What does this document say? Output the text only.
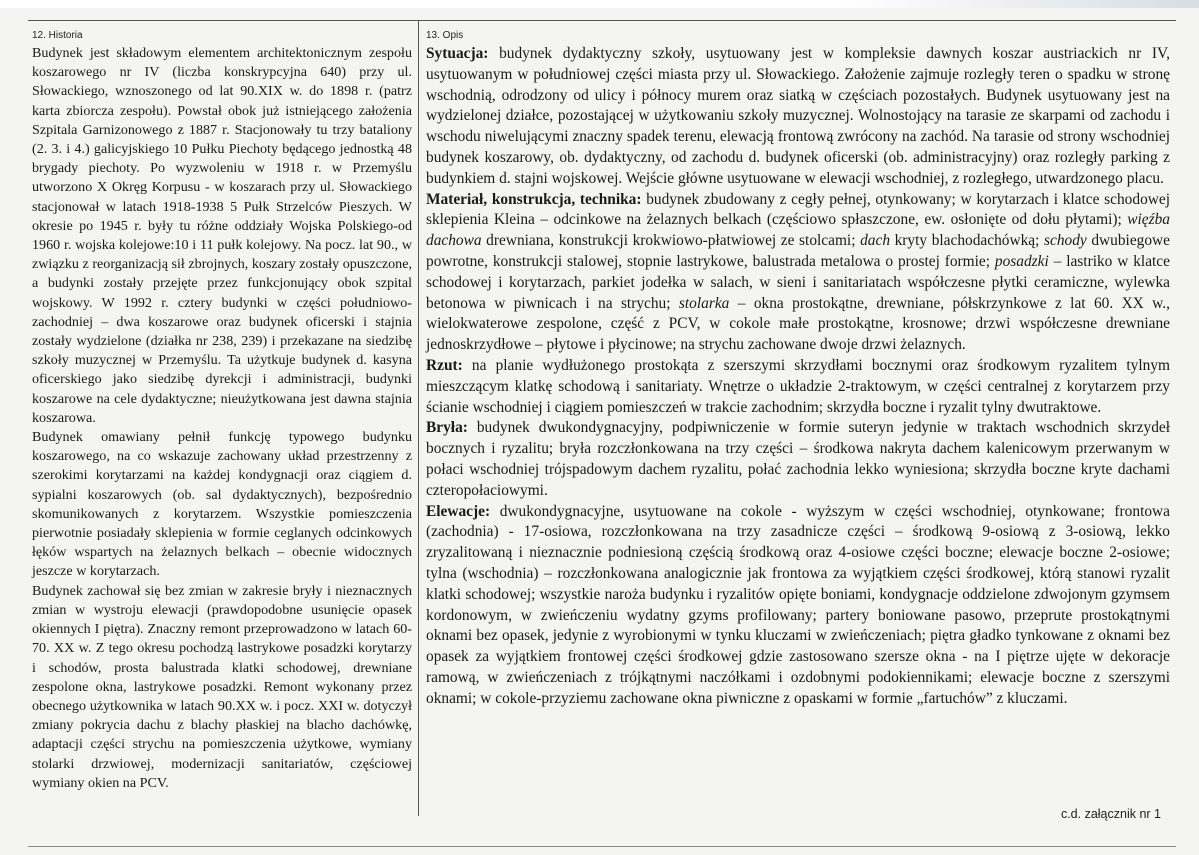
12. Historia

Budynek jest składowym elementem architektonicznym zespołu koszarowego nr IV (liczba konskrypcyjna 640) przy ul. Słowackiego, wznoszonego od lat 90.XIX w. do 1898 r. (patrz karta zbiorcza zespołu). Powstał obok już istniejącego założenia Szpitala Garnizonowego z 1887 r. Stacjonowały tu trzy bataliony (2. 3. i 4.) galicyjskiego 10 Pułku Piechoty będącego jednostką 48 brygady piechoty. Po wyzwoleniu w 1918 r. w Przemyślu utworzono X Okręg Korpusu - w koszarach przy ul. Słowackiego stacjonował w latach 1918-1938 5 Pułk Strzelców Pieszych. W okresie po 1945 r. były tu różne oddziały Wojska Polskiego-od 1960 r. wojska kolejowe:10 i 11 pułk kolejowy. Na pocz. lat 90., w związku z reorganizacją sił zbrojnych, koszary zostały opuszczone, a budynki zostały przejęte przez funkcjonujący obok szpital wojskowy. W 1992 r. cztery budynki w części południowo-zachodniej – dwa koszarowe oraz budynek oficerski i stajnia zostały wydzielone (działka nr 238, 239) i przekazane na siedzibę szkoły muzycznej w Przemyślu. Ta użytkuje budynek d. kasyna oficerskiego jako siedzibę dyrekcji i administracji, budynki koszarowe na cele dydaktyczne; nieużytkowana jest dawna stajnia koszarowa.

Budynek omawiany pełnił funkcję typowego budynku koszarowego, na co wskazuje zachowany układ przestrzenny z szerokimi korytarzami na każdej kondygnacji oraz ciągiem d. sypialni koszarowych (ob. sal dydaktycznych), bezpośrednio skomunikowanych z korytarzem. Wszystkie pomieszczenia pierwotnie posiadały sklepienia w formie ceglanych odcinkowych łęków wspartych na żelaznych belkach – obecnie widocznych jeszcze w korytarzach.

Budynek zachował się bez zmian w zakresie bryły i nieznacznych zmian w wystroju elewacji (prawdopodobne usunięcie opasek okiennych I piętra). Znaczny remont przeprowadzono w latach 60-70. XX w. Z tego okresu pochodzą lastrykowe posadzki korytarzy i schodów, prosta balustrada klatki schodowej, drewniane zespolone okna, lastrykowe posadzki. Remont wykonany przez obecnego użytkownika w latach 90.XX w. i pocz. XXI w. dotyczył zmiany pokrycia dachu z blachy płaskiej na blacho dachówkę, adaptacji części strychu na pomieszczenia użytkowe, wymiany stolarki drzwiowej, modernizacji sanitariatów, częściowej wymiany okien na PCV.

13. Opis

Sytuacja: budynek dydaktyczny szkoły, usytuowany jest w kompleksie dawnych koszar austriackich nr IV, usytuowanym w południowej części miasta przy ul. Słowackiego. Założenie zajmuje rozległy teren o spadku w stronę wschodnią, odrodzony od ulicy i północy murem oraz siatką w częściach pozostałych. Budynek usytuowany jest na wydzielonej działce, pozostającej w użytkowaniu szkoły muzycznej. Wolnostojący na tarasie ze skarpami od zachodu i wschodu niwelującymi znaczny spadek terenu, elewacją frontową zwrócony na zachód. Na tarasie od strony wschodniej budynek koszarowy, ob. dydaktyczny, od zachodu d. budynek oficerski (ob. administracyjny) oraz rozległy parking z budynkiem d. stajni wojskowej. Wejście główne usytuowane w elewacji wschodniej, z rozległego, utwardzonego placu.

Materiał, konstrukcja, technika: budynek zbudowany z cegły pełnej, otynkowany; w korytarzach i klatce schodowej sklepienia Kleina – odcinkowe na żelaznych belkach (częściowo spłaszczone, ew. osłonięte od dołu płytami); więźba dachowa drewniana, konstrukcji krokwiowo-płatwiowej ze stolcami; dach kryty blachodachówką; schody dwubiegowe powrotne, konstrukcji stalowej, stopnie lastrykowe, balustrada metalowa o prostej formie; posadzki – lastriko w klatce schodowej i korytarzach, parkiet jodełka w salach, w sieni i sanitariatach współczesne płytki ceramiczne, wylewka betonowa w piwnicach i na strychu; stolarka – okna prostokątne, drewniane, półskrzynkowe z lat 60. XX w., wielokwaterowe zespolone, część z PCV, w cokole małe prostokątne, krosnowe; drzwi współczesne drewniane jednoskrzydłowe – płytowe i płycinowe; na strychu zachowane dwoje drzwi żelaznych.

Rzut: na planie wydłużonego prostokąta z szerszymi skrzydłami bocznymi oraz środkowym ryzalitem tylnym mieszczącym klatkę schodową i sanitariaty. Wnętrze o układzie 2-traktowym, w części centralnej z korytarzem przy ścianie wschodniej i ciągiem pomieszczeń w trakcie zachodnim; skrzydła boczne i ryzalit tylny dwutraktowe.

Bryła: budynek dwukondygnacyjny, podpiwniczenie w formie suteryn jedynie w traktach wschodnich skrzydeł bocznych i ryzalitu; bryła rozczłonkowana na trzy części – środkowa nakryta dachem kalenicowym przerwanym w połaci wschodniej trójspadowym dachem ryzalitu, połać zachodnia lekko wyniesiona; skrzydła boczne kryte dachami czteropołaciowymi.

Elewacje: dwukondygnacyjne, usytuowane na cokole - wyższym w części wschodniej, otynkowane; frontowa (zachodnia) - 17-osiowa, rozczłonkowana na trzy zasadnicze części – środkową 9-osiową z 3-osiową, lekko zryzalitowaną i nieznacznie podniesioną częścią środkową oraz 4-osiowe części boczne; elewacje boczne 2-osiowe; tylna (wschodnia) – rozczłonkowana analogicznie jak frontowa za wyjątkiem części środkowej, którą stanowi ryzalit klatki schodowej; wszystkie naroża budynku i ryzalitów opięte boniami, kondygnacje oddzielone zdwojonym gzymsem kordonowym, w zwieńczeniu wydatny gzyms profilowany; partery boniowane pasowo, przeprute prostokątnymi oknami bez opasek, jedynie z wyrobionymi w tynku kluczami w zwieńczeniach; piętra gładko tynkowane z oknami bez opasek za wyjątkiem frontowej części środkowej gdzie zastosowano szersze okna - na I piętrze ujęte w dekoracje ramową, w zwieńczeniach z trójkątnymi naczółkami i ozdobnymi podokiennikami; elewacje boczne z szerszymi oknami; w cokole-przyziemu zachowane okna piwniczne z opaskami w formie „fartuchów” z kluczami.

c.d. załącznik nr 1
